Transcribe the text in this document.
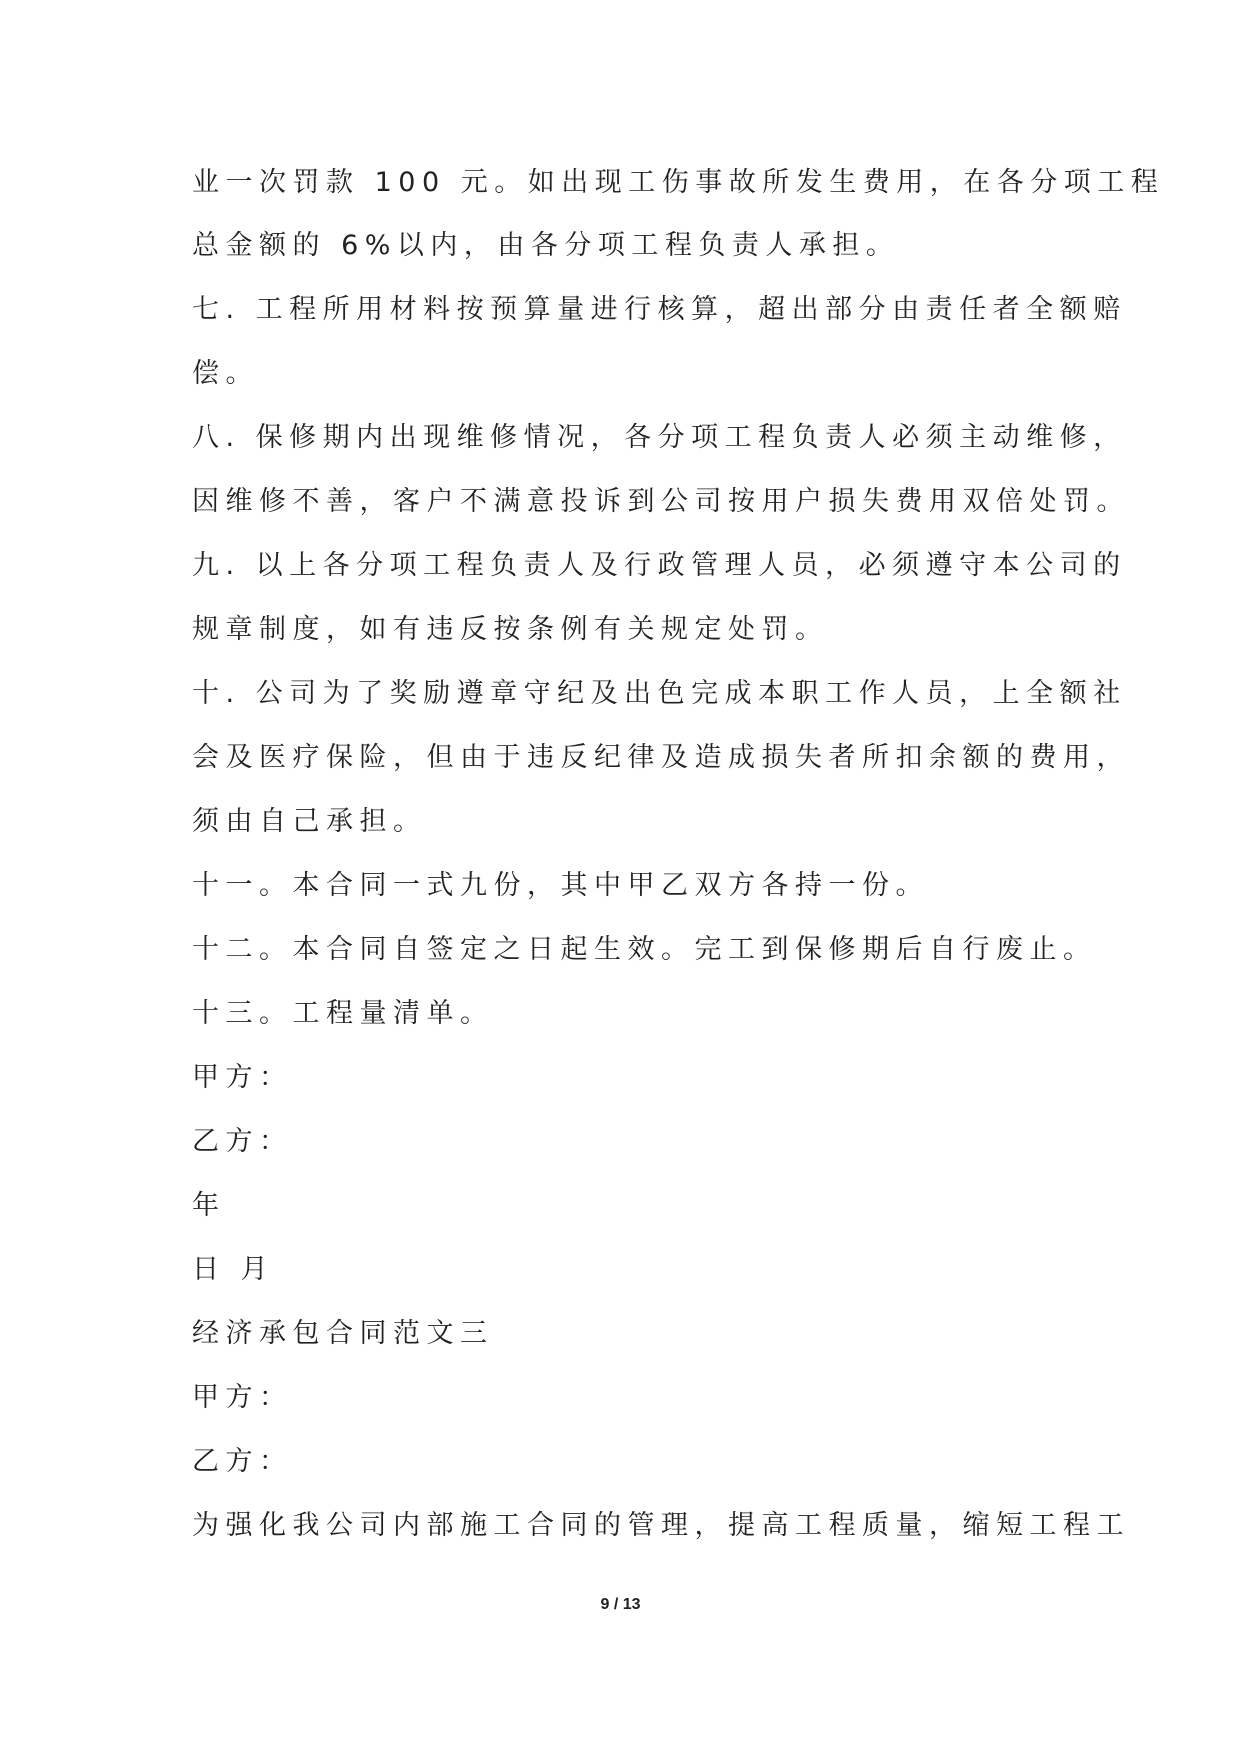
业一次罚款 100 元。如出现工伤事故所发生费用，在各分项工程
总金额的 6%以内，由各分项工程负责人承担。
七. 工程所用材料按预算量进行核算，超出部分由责任者全额赔
偿。
八. 保修期内出现维修情况，各分项工程负责人必须主动维修，
因维修不善，客户不满意投诉到公司按用户损失费用双倍处罚。
九. 以上各分项工程负责人及行政管理人员，必须遵守本公司的
规章制度，如有违反按条例有关规定处罚。
十. 公司为了奖励遵章守纪及出色完成本职工作人员，上全额社
会及医疗保险，但由于违反纪律及造成损失者所扣余额的费用，
须由自己承担。
十一。本合同一式九份，其中甲乙双方各持一份。
十二。本合同自签定之日起生效。完工到保修期后自行废止。
十三。工程量清单。
甲方：
乙方：
年
日 月
经济承包合同范文三
甲方：
乙方：
为强化我公司内部施工合同的管理，提高工程质量，缩短工程工
9 / 13
